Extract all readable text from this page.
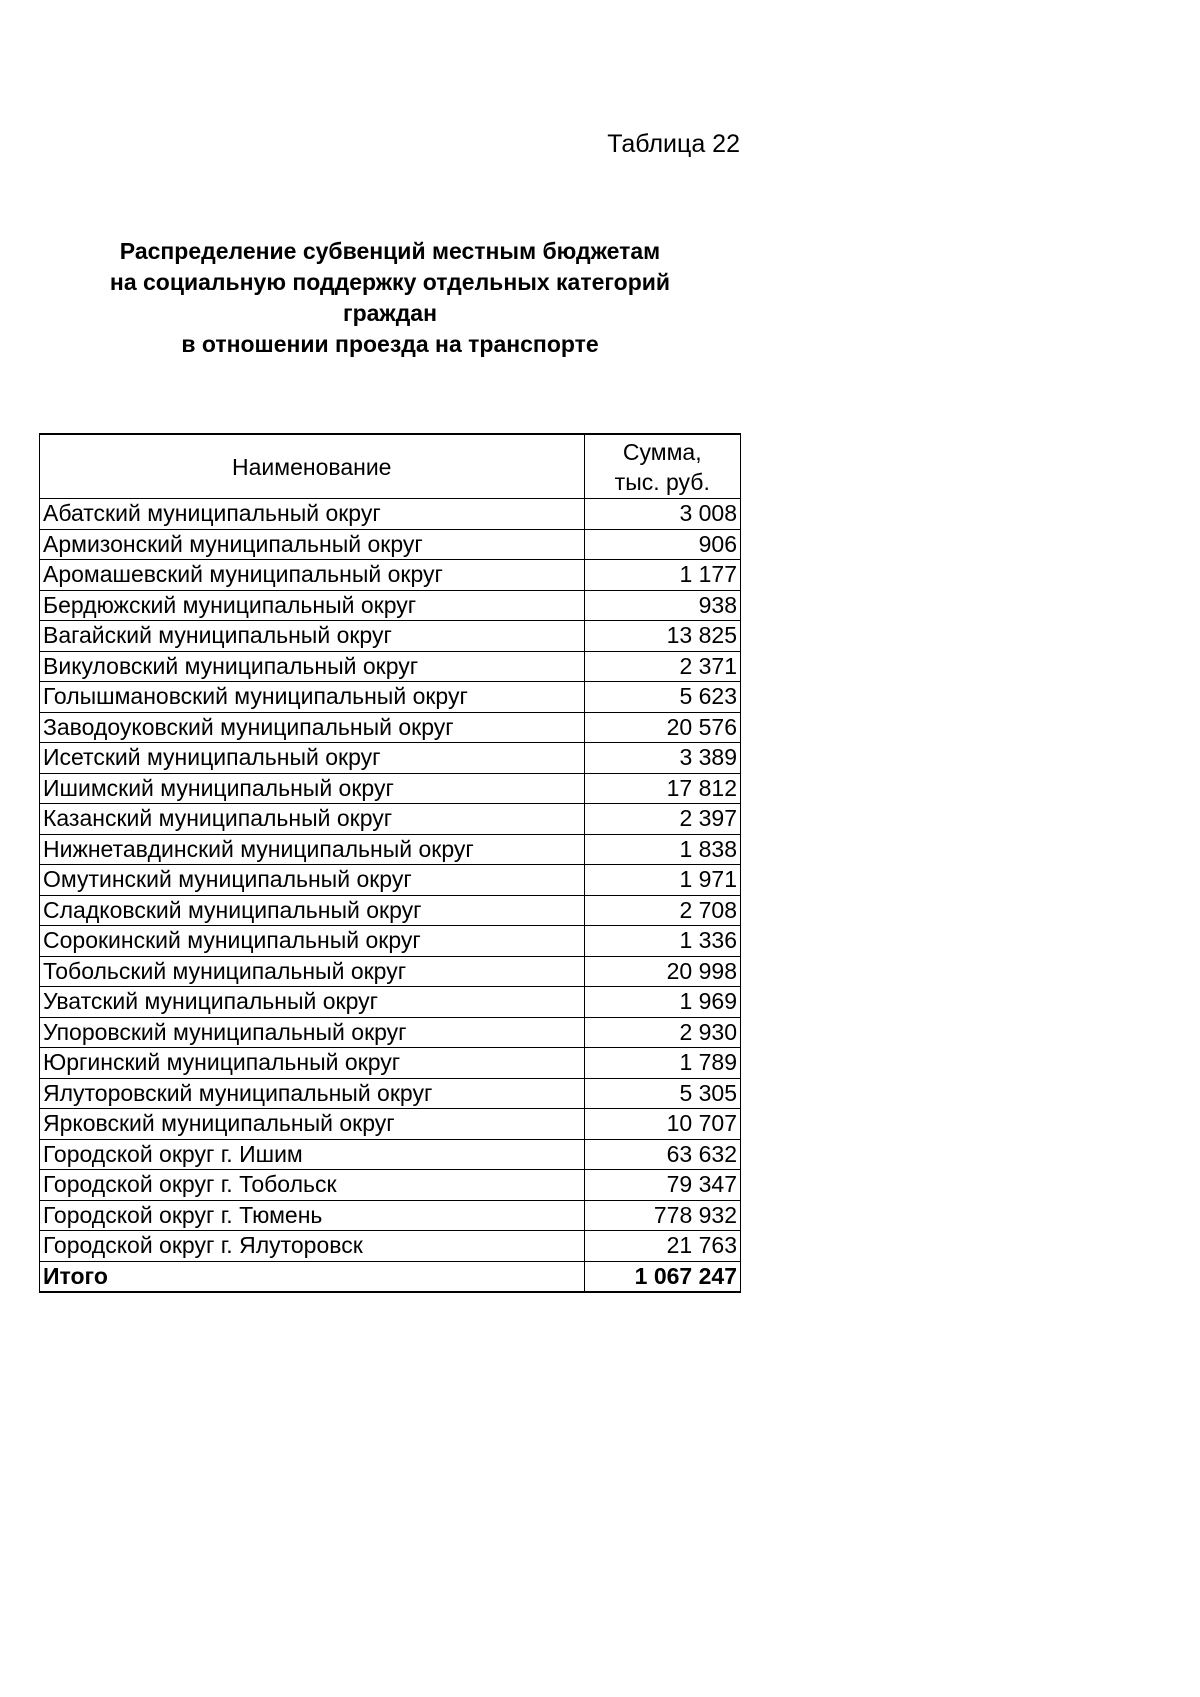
Таблица 22
Распределение субвенций местным бюджетам
на социальную поддержку отдельных категорий
граждан
в отношении проезда на транспорте
Наименование	Сумма,
тыс. руб.
Абатский муниципальный округ	3 008
Армизонский муниципальный округ	906
Аромашевский муниципальный округ	1 177
Бердюжский муниципальный округ	938
Вагайский муниципальный округ	13 825
Викуловский муниципальный округ	2 371
Голышмановский муниципальный округ	5 623
Заводоуковский муниципальный округ	20 576
Исетский муниципальный округ	3 389
Ишимский муниципальный округ	17 812
Казанский муниципальный округ	2 397
Нижнетавдинский муниципальный округ	1 838
Омутинский муниципальный округ	1 971
Сладковский муниципальный округ	2 708
Сорокинский муниципальный округ	1 336
Тобольский муниципальный округ	20 998
Уватский муниципальный округ	1 969
Упоровский муниципальный округ	2 930
Юргинский муниципальный округ	1 789
Ялуторовский муниципальный округ	5 305
Ярковский муниципальный округ	10 707
Городской округ г. Ишим	63 632
Городской округ г. Тобольск	79 347
Городской округ г. Тюмень	778 932
Городской округ г. Ялуторовск	21 763
Итого	1 067 247
